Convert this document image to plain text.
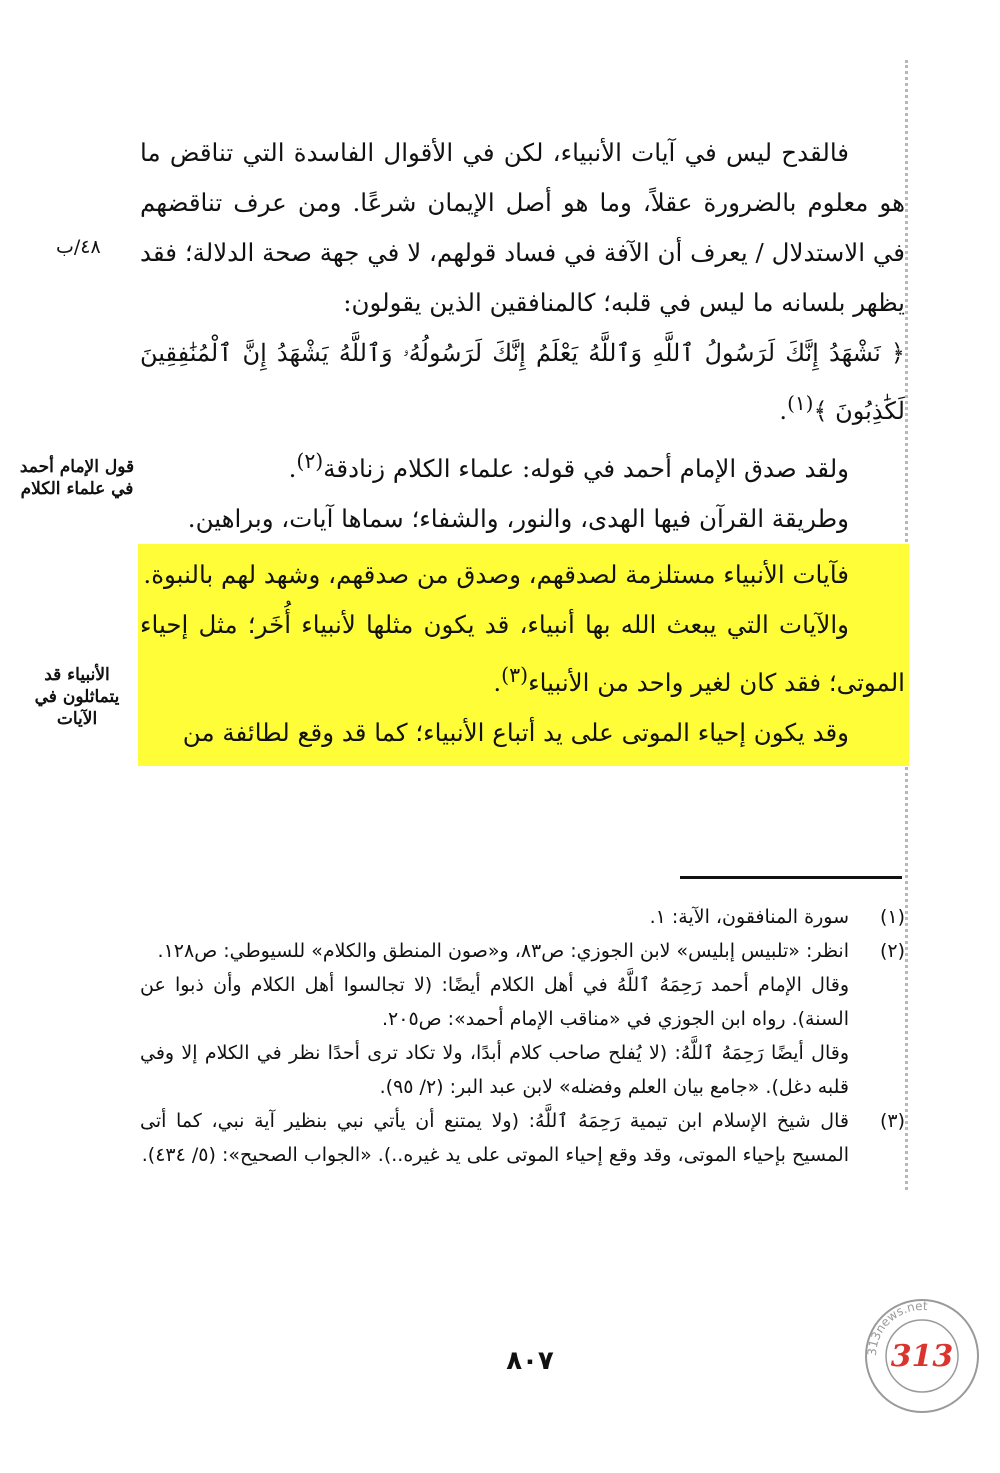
٤٨/ب
قول الإمام أحمد في علماء الكلام
الأنبياء قد يتماثلون في الآيات

فالقدح ليس في آيات الأنبياء، لكن في الأقوال الفاسدة التي تناقض ما هو معلوم بالضرورة عقلاً، وما هو أصل الإيمان شرعًا. ومن عرف تناقضهم في الاستدلال / يعرف أن الآفة في فساد قولهم، لا في جهة صحة الدلالة؛ فقد يظهر بلسانه ما ليس في قلبه؛ كالمنافقين الذين يقولون:

﴿ نَشْهَدُ إِنَّكَ لَرَسُولُ ٱللَّهِ وَٱللَّهُ يَعْلَمُ إِنَّكَ لَرَسُولُهُۥ وَٱللَّهُ يَشْهَدُ إِنَّ ٱلْمُنَٰفِقِينَ لَكَٰذِبُونَ ﴾$^{(١)}$.

ولقد صدق الإمام أحمد في قوله: علماء الكلام زنادقة$^{(٢)}$.

وطريقة القرآن فيها الهدى، والنور، والشفاء؛ سماها آيات، وبراهين.

فآيات الأنبياء مستلزمة لصدقهم، وصدق من صدقهم، وشهد لهم بالنبوة.

والآيات التي يبعث الله بها أنبياء، قد يكون مثلها لأنبياء أُخَر؛ مثل إحياء الموتى؛ فقد كان لغير واحد من الأنبياء$^{(٣)}$.

وقد يكون إحياء الموتى على يد أتباع الأنبياء؛ كما قد وقع لطائفة من

(١)

سورة المنافقون، الآية: ١.

(٢)

انظر: «تلبيس إبليس» لابن الجوزي: ص٨٣، و«صون المنطق والكلام» للسيوطي: ص١٢٨.

وقال الإمام أحمد رَحِمَهُ ٱللَّهُ في أهل الكلام أيضًا: (لا تجالسوا أهل الكلام وأن ذبوا عن السنة). رواه ابن الجوزي في «مناقب الإمام أحمد»: ص٢٠٥.

وقال أيضًا رَحِمَهُ ٱللَّهُ: (لا يُفلح صاحب كلام أبدًا، ولا تكاد ترى أحدًا نظر في الكلام إلا وفي قلبه دغل). «جامع بيان العلم وفضله» لابن عبد البر: (٢/ ٩٥).

(٣)

قال شيخ الإسلام ابن تيمية رَحِمَهُ ٱللَّهُ: (ولا يمتنع أن يأتي نبي بنظير آية نبي، كما أتى المسيح بإحياء الموتى، وقد وقع إحياء الموتى على يد غيره..). «الجواب الصحيح»: (٥/ ٤٣٤).

٨٠٧	313news.net
313
